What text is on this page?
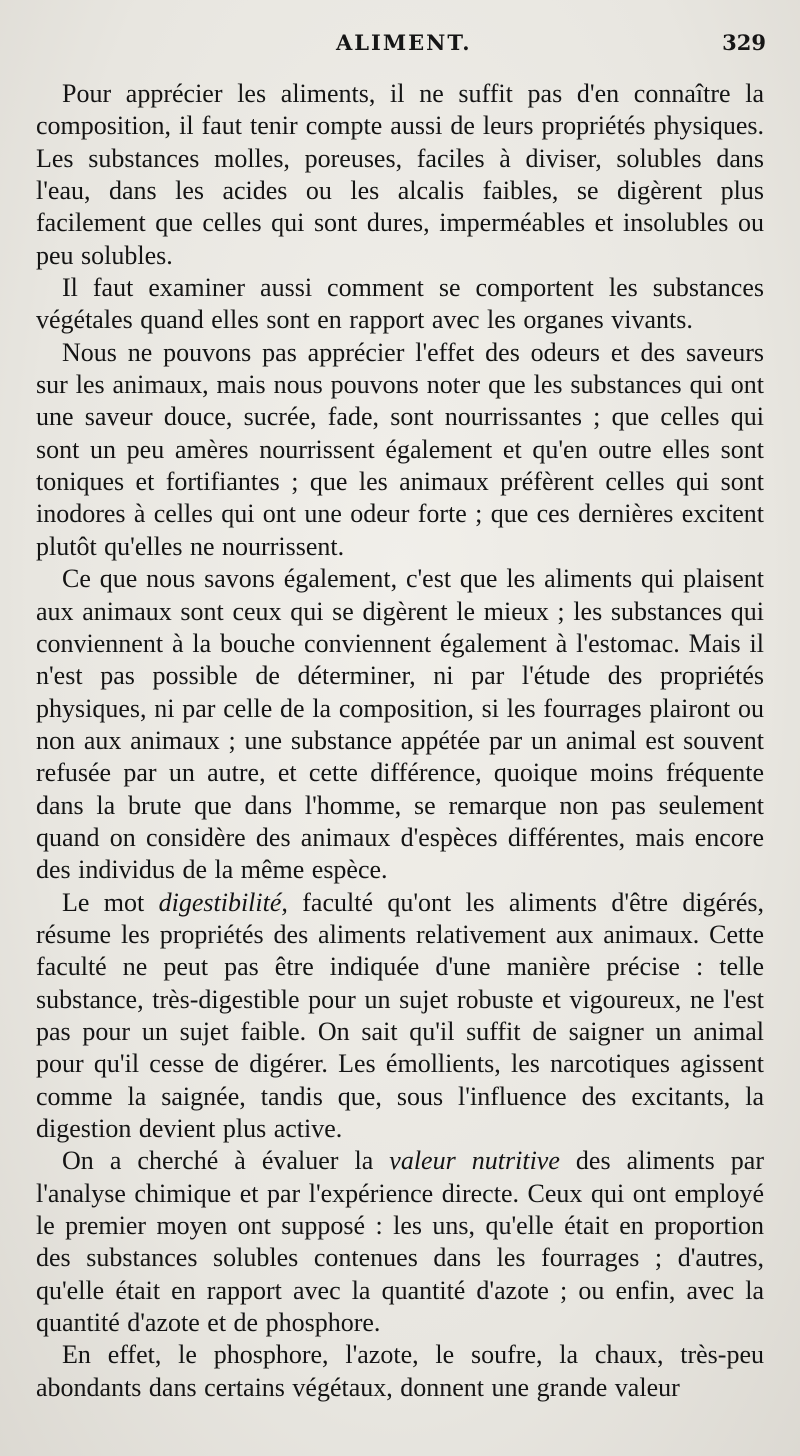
ALIMENT.	329

Pour apprécier les aliments, il ne suffit pas d'en connaître la composition, il faut tenir compte aussi de leurs propriétés physiques. Les substances molles, poreuses, faciles à diviser, solubles dans l'eau, dans les acides ou les alcalis faibles, se digèrent plus facilement que celles qui sont dures, imperméables et insolubles ou peu solubles.

Il faut examiner aussi comment se comportent les substances végétales quand elles sont en rapport avec les organes vivants.

Nous ne pouvons pas apprécier l'effet des odeurs et des saveurs sur les animaux, mais nous pouvons noter que les substances qui ont une saveur douce, sucrée, fade, sont nourrissantes ; que celles qui sont un peu amères nourrissent également et qu'en outre elles sont toniques et fortifiantes ; que les animaux préfèrent celles qui sont inodores à celles qui ont une odeur forte ; que ces dernières excitent plutôt qu'elles ne nourrissent.

Ce que nous savons également, c'est que les aliments qui plaisent aux animaux sont ceux qui se digèrent le mieux ; les substances qui conviennent à la bouche conviennent également à l'estomac. Mais il n'est pas possible de déterminer, ni par l'étude des propriétés physiques, ni par celle de la composition, si les fourrages plairont ou non aux animaux ; une substance appétée par un animal est souvent refusée par un autre, et cette différence, quoique moins fréquente dans la brute que dans l'homme, se remarque non pas seulement quand on considère des animaux d'espèces différentes, mais encore des individus de la même espèce.

Le mot digestibilité, faculté qu'ont les aliments d'être digérés, résume les propriétés des aliments relativement aux animaux. Cette faculté ne peut pas être indiquée d'une manière précise : telle substance, très-digestible pour un sujet robuste et vigoureux, ne l'est pas pour un sujet faible. On sait qu'il suffit de saigner un animal pour qu'il cesse de digérer. Les émollients, les narcotiques agissent comme la saignée, tandis que, sous l'influence des excitants, la digestion devient plus active.

On a cherché à évaluer la valeur nutritive des aliments par l'analyse chimique et par l'expérience directe. Ceux qui ont employé le premier moyen ont supposé : les uns, qu'elle était en proportion des substances solubles contenues dans les fourrages ; d'autres, qu'elle était en rapport avec la quantité d'azote ; ou enfin, avec la quantité d'azote et de phosphore.

En effet, le phosphore, l'azote, le soufre, la chaux, très-peu abondants dans certains végétaux, donnent une grande valeur
